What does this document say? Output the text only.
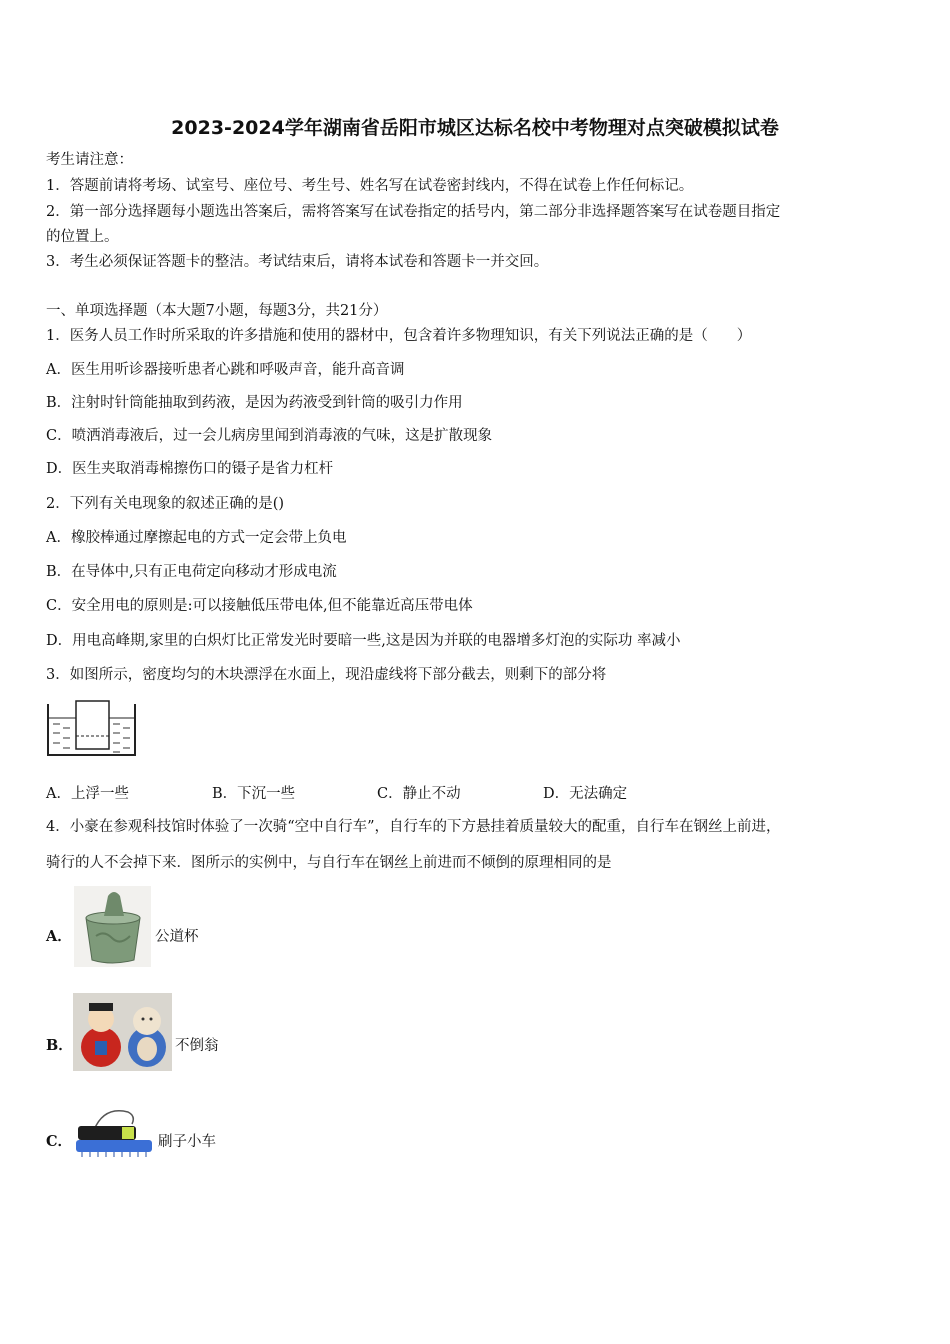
2023-2024学年湖南省岳阳市城区达标名校中考物理对点突破模拟试卷
考生请注意：
1．答题前请将考场、试室号、座位号、考生号、姓名写在试卷密封线内，不得在试卷上作任何标记。
2．第一部分选择题每小题选出答案后，需将答案写在试卷指定的括号内，第二部分非选择题答案写在试卷题目指定
的位置上。
3．考生必须保证答题卡的整洁。考试结束后，请将本试卷和答题卡一并交回。
一、单项选择题（本大题7小题，每题3分，共21分）
1．医务人员工作时所采取的许多措施和使用的器材中，包含着许多物理知识，有关下列说法正确的是（　　）
A．医生用听诊器接听患者心跳和呼吸声音，能升高音调
B．注射时针筒能抽取到药液，是因为药液受到针筒的吸引力作用
C．喷洒消毒液后，过一会儿病房里闻到消毒液的气味，这是扩散现象
D．医生夹取消毒棉擦伤口的镊子是省力杠杆
2．下列有关电现象的叙述正确的是()
A．橡胶棒通过摩擦起电的方式一定会带上负电
B．在导体中,只有正电荷定向移动才形成电流
C．安全用电的原则是:可以接触低压带电体,但不能靠近高压带电体
D．用电高峰期,家里的白炽灯比正常发光时要暗一些,这是因为并联的电器增多灯泡的实际功 率减小
3．如图所示，密度均匀的木块漂浮在水面上，现沿虚线将下部分截去，则剩下的部分将
A．上浮一些	B．下沉一些	C．静止不动	D．无法确定
4．小豪在参观科技馆时体验了一次骑“空中自行车”，自行车的下方悬挂着质量较大的配重，自行车在钢丝上前进，
骑行的人不会掉下来．图所示的实例中，与自行车在钢丝上前进而不倾倒的原理相同的是
A．	公道杯
B．	不倒翁
C．	刷子小车
